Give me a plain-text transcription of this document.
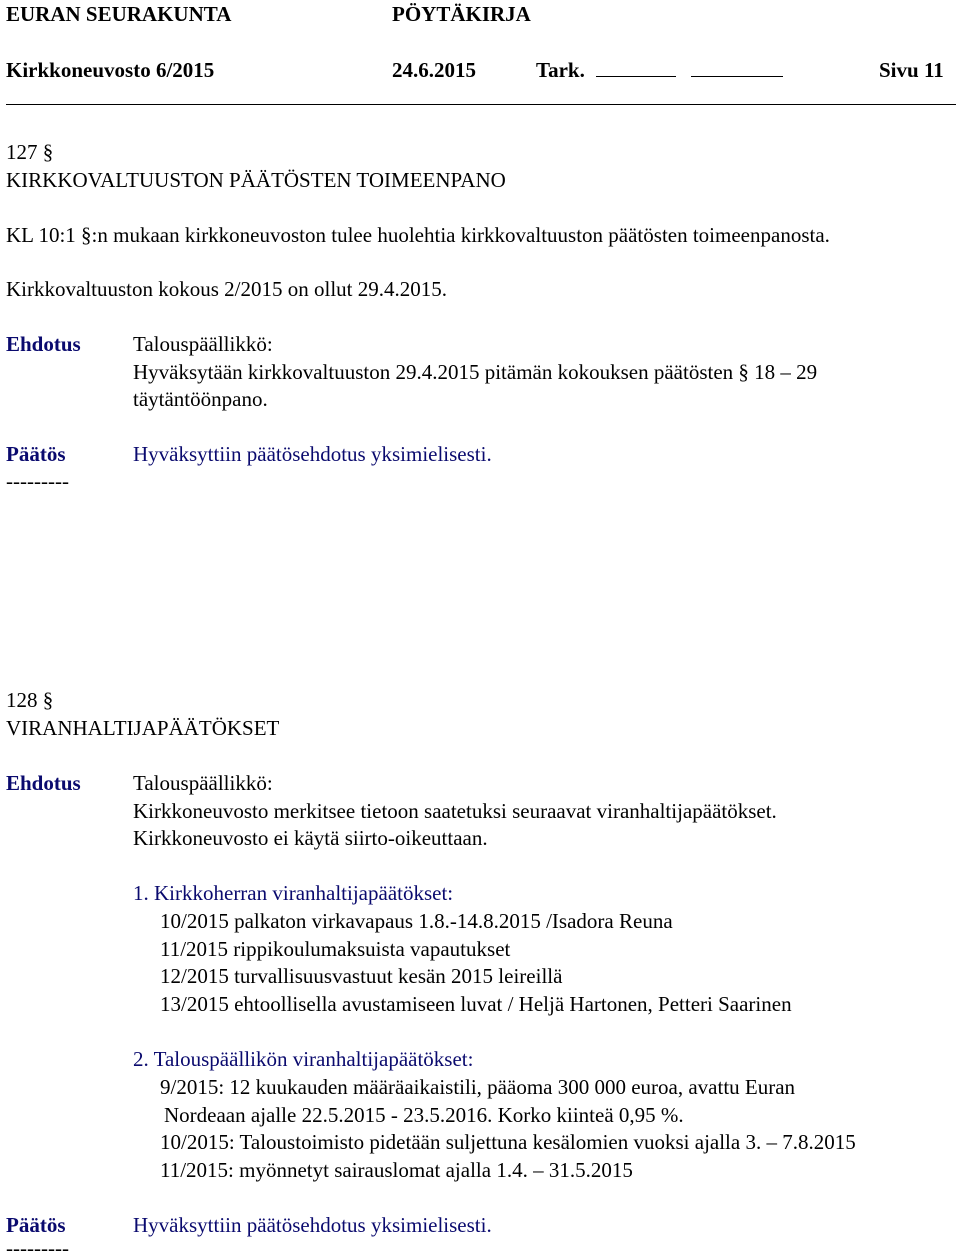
EURAN SEURAKUNTA	PÖYTÄKIRJA
Kirkkoneuvosto 6/2015	24.6.2015	Tark.	Sivu 11
127 §
KIRKKOVALTUUSTON PÄÄTÖSTEN TOIMEENPANO
KL 10:1 §:n mukaan kirkkoneuvoston tulee huolehtia kirkkovaltuuston päätösten toimeenpanosta.
Kirkkovaltuuston kokous 2/2015 on ollut 29.4.2015.
Ehdotus Talouspäällikkö:
Hyväksytään kirkkovaltuuston 29.4.2015 pitämän kokouksen päätösten § 18 – 29
täytäntöönpano.
Päätös	Hyväksyttiin päätösehdotus yksimielisesti.
---------
128 §
VIRANHALTIJAPÄÄTÖKSET
Ehdotus Talouspäällikkö:
Kirkkoneuvosto merkitsee tietoon saatetuksi seuraavat viranhaltijapäätökset.
Kirkkoneuvosto ei käytä siirto-oikeuttaan.
1. Kirkkoherran viranhaltijapäätökset:
10/2015 palkaton virkavapaus 1.8.-14.8.2015 /Isadora Reuna
11/2015 rippikoulumaksuista vapautukset
12/2015 turvallisuusvastuut kesän 2015 leireillä
13/2015 ehtoollisella avustamiseen luvat / Heljä Hartonen, Petteri Saarinen
2. Talouspäällikön viranhaltijapäätökset:
9/2015: 12 kuukauden määräaikaistili, pääoma 300 000 euroa, avattu Euran
Nordeaan ajalle 22.5.2015 - 23.5.2016. Korko kiinteä 0,95 %.
10/2015: Taloustoimisto pidetään suljettuna kesälomien vuoksi ajalla 3. – 7.8.2015
11/2015: myönnetyt sairauslomat ajalla 1.4. – 31.5.2015
Päätös	Hyväksyttiin päätösehdotus yksimielisesti.
---------
